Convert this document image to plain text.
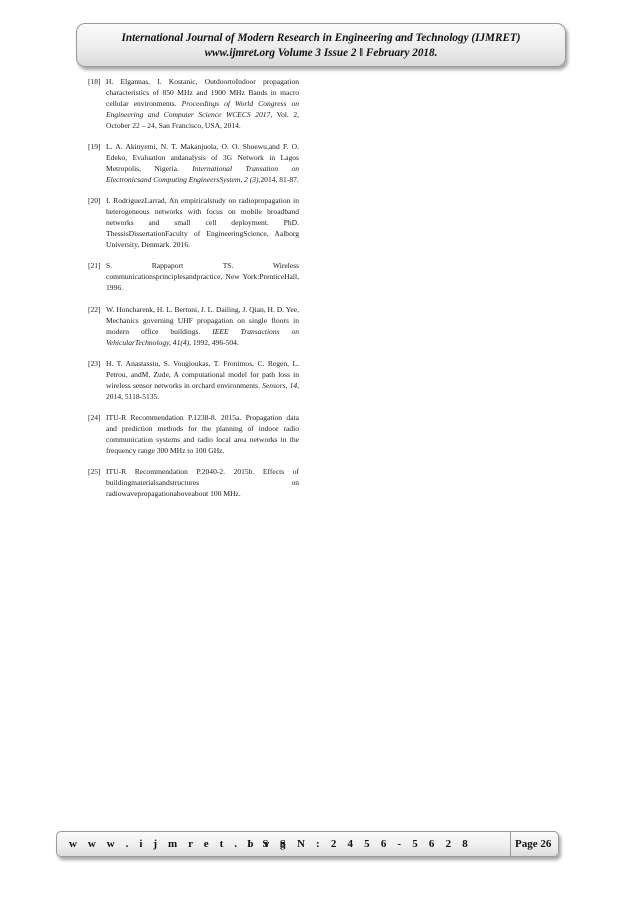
International Journal of Modern Research in Engineering and Technology (IJMRET)
www.ijmret.org Volume 3 Issue 2 ǁ February 2018.
[18] H. Elgannas, I. Kostanic, OutdoortoIndoor propagation characteristics of 850 MHz and 1900 MHz Bands in macro cellular environments. Proceedings of World Congress on Engineering and Computer Science WCECS 2017, Vol. 2, October 22 – 24, San Francisco, USA, 2014.
[19] L. A. Akinyemi, N. T. Makanjuola, O. O. Shoewu,and F. O. Edeko, Evaluation andanalysis of 3G Network in Lagos Metropolis, Nigeria. International Transation on Electronicsand Computing EngineersSystem, 2 (3),2014, 81-87.
[20] I. RodriguezLarrad, An empiricalstudy on radiopropagation in heterogeneous networks with focus on mobile broadband networks and small cell deployment. PhD. ThessisDissertationFaculty of EngineeringScience, Aalborg University, Denmark. 2016.
[21] S. Rappaport TS. Wireless communicationsprinciplesandpractice, New York:PrenticeHall, 1996.
[22] W. Honcharenk, H. L. Bertoni, J. L. Dailing, J. Qian, H. D. Yee, Mechanics governing UHF propagation on single floors in modern office buildings. IEEE Transactions on VehicularTechnology, 41(4), 1992, 496-504.
[23] H. T. Anastassiu, S. Vougioukas, T. Fronimos, C. Regen, L. Petrou, andM. Zude, A computational model for path loss in wireless sensor networks in orchard environments. Sensors, 14, 2014, 5118-5135.
[24] ITU-R Recommendation P.1238-8. 2015a. Propagation data and prediction methods for the planning of indoor radio communication systems and radio local area networks in the frequency range 300 MHz to 100 GHz.
[25] ITU-R Recommendation P.2040-2. 2015b. Effects of buildingmaterialsandstructures on radiowavepropagationaboveabout 100 MHz.
w w w . i j m r e t . o r g
I S S N : 2 4 5 6 - 5 6 2 8	Page 26
